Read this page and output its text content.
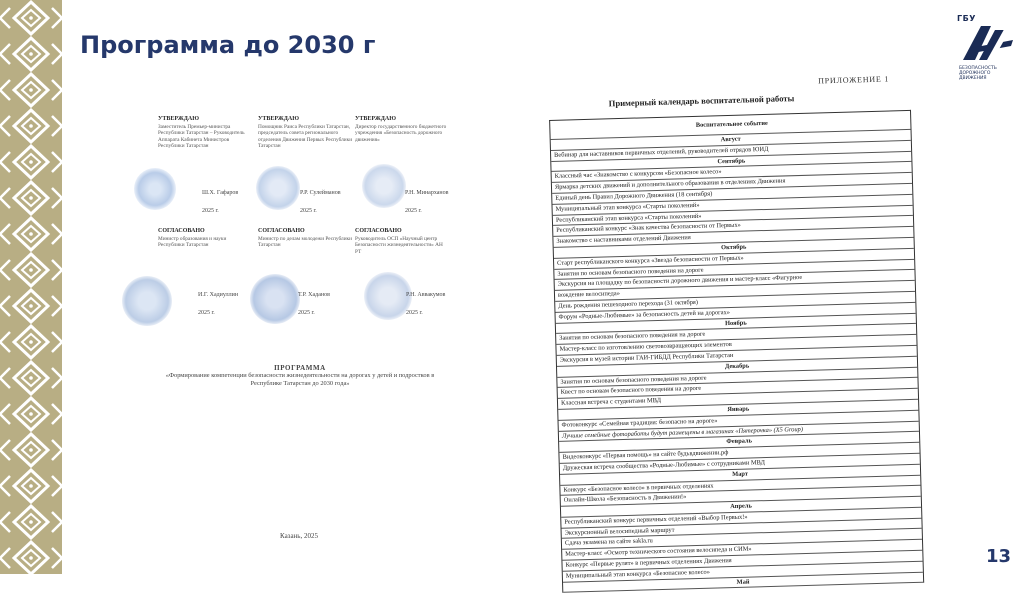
Программа до 2030 г
ГБУ
БЕЗОПАСНОСТЬ ДОРОЖНОГО ДВИЖЕНИЯ
УТВЕРЖДАЮ
Заместитель Премьер-министра Республики Татарстан – Руководитель Аппарата Кабинета Министров Республики Татарстан
УТВЕРЖДАЮ
Помощник Раиса Республики Татарстан, председатель совета регионального отделения Движения Первых Республики Татарстан
УТВЕРЖДАЮ
Директор государственного бюджетного учреждения «Безопасность дорожного движения»
Ш.Х. Гафаров
2025 г.
Р.Р. Сулейманов
2025 г.
Р.Н. Минарханов
2025 г.
СОГЛАСОВАНО
Министр образования и науки Республики Татарстан
СОГЛАСОВАНО
Министр по делам молодежи Республики Татарстан
СОГЛАСОВАНО
Руководитель ОСП «Научный центр Безопасности жизнедеятельности» АН РТ
И.Г. Хадиуллин
2025 г.
Т.Р. Хаданов
2025 г.
Р.Н. Аввакумов
2025 г.
ПРОГРАММА
«Формирование компетенции безопасности жизнедеятельности на дорогах у детей и подростков в Республике Татарстан до 2030 года»
Казань, 2025
ПРИЛОЖЕНИЕ 1
Примерный календарь воспитательной работы
Воспитательное событие
Август
Вебинар для наставников первичных отделений, руководителей отрядов ЮИД
Сентябрь
Классный час «Знакомство с конкурсом «Безопасное колесо»
Ярмарка детских движений и дополнительного образования в отделениях Движения
Единый день Правил Дорожного Движения (18 сентября)
Муниципальный этап конкурса «Старты поколений»
Республиканский этап конкурса «Старты поколений»
Республиканский конкурс «Знак качества безопасности от Первых»
Знакомство с наставниками отделений Движения
Октябрь
Старт республиканского конкурса «Звезда безопасности от Первых»
Занятия по основам безопасного поведения на дороге
Экскурсия на площадку по безопасности дорожного движения и мастер-класс «Фигурное
вождение велосипеда»
День рождения пешеходного перехода (31 октября)
Форум «Родные-Любимые» за безопасность детей на дорогах»
Ноябрь
Занятия по основам безопасного поведения на дороге
Мастер-класс по изготовлению световозвращающих элементов
Экскурсия в музей истории ГАИ-ГИБДД Республики Татарстан
Декабрь
Занятия по основам безопасного поведения на дороге
Квест по основам безопасного поведения на дороге
Классная встреча с студентами МВД
Январь
Фотоконкурс «Семейная традиция: безопасно на дороге»
Лучшие семейные фотоработы будут размещены в магазинах «Пятерочка» (X5 Group)
Февраль
Видеоконкурс «Первая помощь» на сайте будьвдвижении.рф
Дружеская встреча сообщества «Родные-Любимые» с сотрудниками МВД
Март
Конкурс «Безопасное колесо» в первичных отделениях
Онлайн-Школа «Безопасность в Движении!»
Апрель
Республиканский конкурс первичных отделений «Выбор Первых!»
Экскурсионный велосипедный маршрут
Сдача экзамена на сайте sakla.ru
Мастер-класс «Осмотр технического состояния велосипеда и СИМ»
Конкурс «Первые рулят» в первичных отделениях Движения
Муниципальный этап конкурса «Безопасное колесо»
Май
13
